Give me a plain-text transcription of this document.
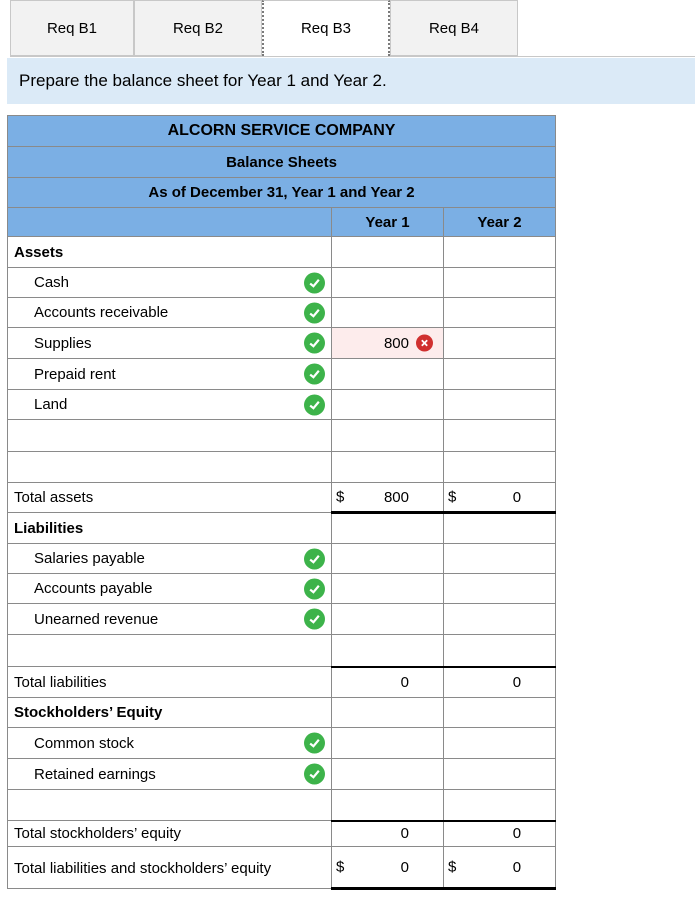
Req B1	Req B2	Req B3	Req B4
Prepare the balance sheet for Year 1 and Year 2.
ALCORN SERVICE COMPANY		
Balance Sheets		
As of December 31, Year 1 and Year 2		
	Year 1	Year 2
Assets		
Cash

Accounts receivable

Supplies	800

Prepaid rent

Land

Total assets	$ 800	$ 0
Liabilities		
Salaries payable

Accounts payable

Unearned revenue

Total liabilities	0	0
Stockholders’ Equity		
Common stock

Retained earnings

Total stockholders’ equity	0	0
Total liabilities and stockholders’ equity	$ 0	$ 0
